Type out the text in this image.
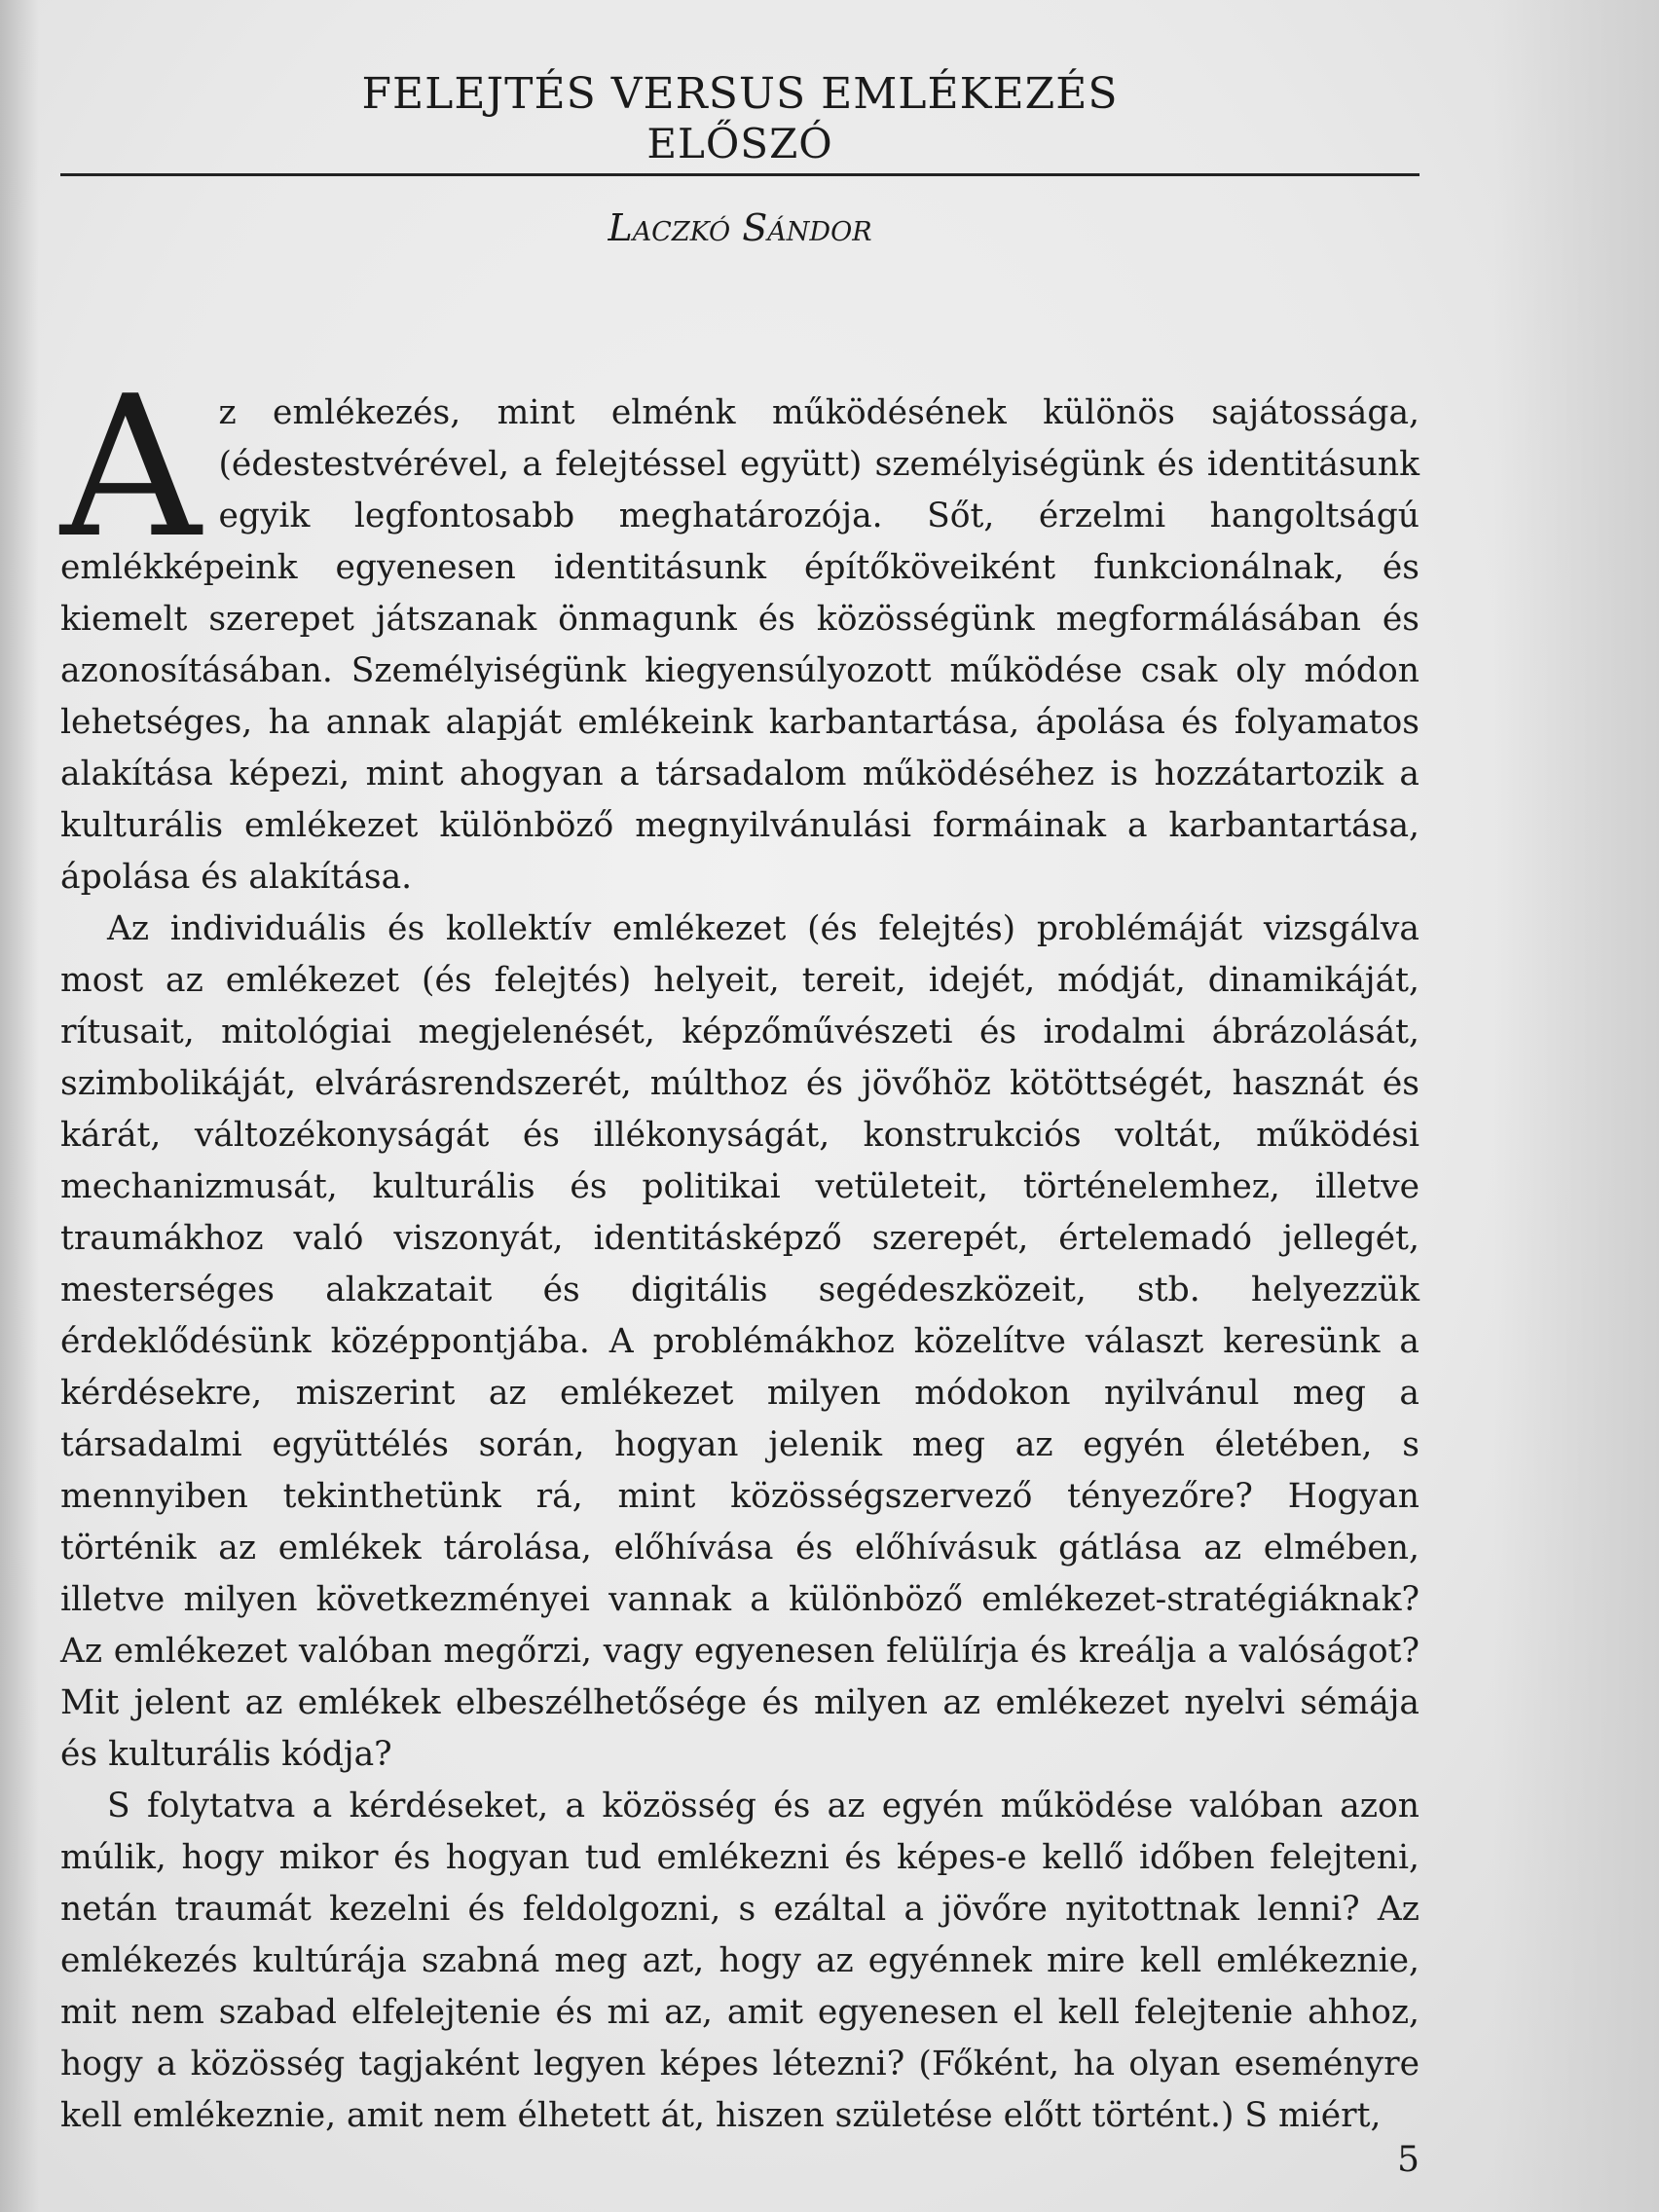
FELEJTÉS VERSUS EMLÉKEZÉS
ELŐSZÓ
Laczkó Sándor

Az emlékezés, mint elménk működésének különös sajátossága, (édestestvérével, a felejtéssel együtt) személyiségünk és identitásunk egyik legfontosabb meghatározója. Sőt, érzelmi hangoltságú emlékképeink egyenesen identitásunk építőköveiként funkcionálnak, és kiemelt szerepet játszanak önmagunk és közösségünk megformálásában és azonosításában. Személyiségünk kiegyensúlyozott működése csak oly módon lehetséges, ha annak alapját emlékeink karbantartása, ápolása és folyamatos alakítása képezi, mint ahogyan a társadalom működéséhez is hozzátartozik a kulturális emlékezet különböző megnyilvánulási formáinak a karbantartása, ápolása és alakítása.

Az individuális és kollektív emlékezet (és felejtés) problémáját vizsgálva most az emlékezet (és felejtés) helyeit, tereit, idejét, módját, dinamikáját, rítusait, mitológiai megjelenését, képzőművészeti és irodalmi ábrázolását, szimbolikáját, elvárásrendszerét, múlthoz és jövőhöz kötöttségét, hasznát és kárát, változékonyságát és illékonyságát, konstrukciós voltát, működési mechanizmusát, kulturális és politikai vetületeit, történelemhez, illetve traumákhoz való viszonyát, identitásképző szerepét, értelemadó jellegét, mesterséges alakzatait és digitális segédeszközeit, stb. helyezzük érdeklődésünk középpontjába. A problémákhoz közelítve választ keresünk a kérdésekre, miszerint az emlékezet milyen módokon nyilvánul meg a társadalmi együttélés során, hogyan jelenik meg az egyén életében, s mennyiben tekinthetünk rá, mint közösségszervező tényezőre? Hogyan történik az emlékek tárolása, előhívása és előhívásuk gátlása az elmében, illetve milyen következményei vannak a különböző emlékezet-stratégiáknak? Az emlékezet valóban megőrzi, vagy egyenesen felülírja és kreálja a valóságot? Mit jelent az emlékek elbeszélhetősége és milyen az emlékezet nyelvi sémája és kulturális kódja?

S folytatva a kérdéseket, a közösség és az egyén működése valóban azon múlik, hogy mikor és hogyan tud emlékezni és képes-e kellő időben felejteni, netán traumát kezelni és feldolgozni, s ezáltal a jövőre nyitottnak lenni? Az emlékezés kultúrája szabná meg azt, hogy az egyénnek mire kell emlékeznie, mit nem szabad elfelejtenie és mi az, amit egyenesen el kell felejtenie ahhoz, hogy a közösség tagjaként legyen képes létezni? (Főként, ha olyan eseményre kell emlékeznie, amit nem élhetett át, hiszen születése előtt történt.) S miért,

5
